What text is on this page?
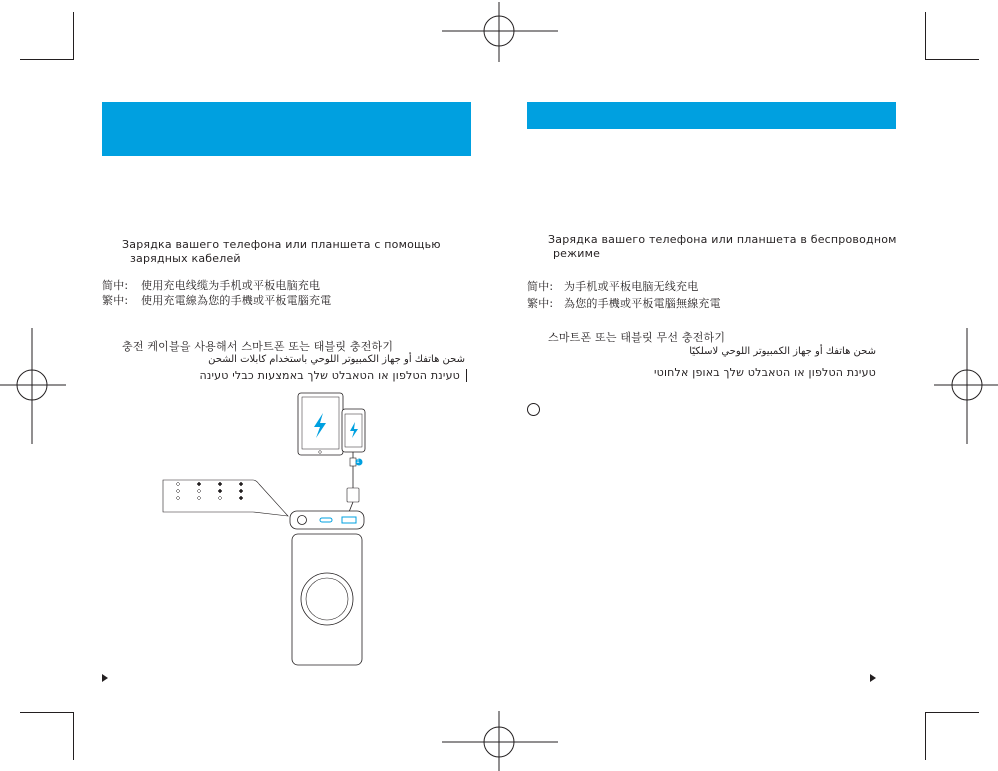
Зарядка вашего телефона или планшета с помощью
зарядных кабелей
简中: 使用充电线缆为手机或平板电脑充电
繁中: 使用充電線為您的手機或平板電腦充電
충전 케이블을 사용해서 스마트폰 또는 태블릿 충전하기
شحن هاتفك أو جهاز الكمبيوتر اللوحي باستخدام كابلات الشحن
טעינת הטלפון או הטאבלט שלך באמצעות כבלי טעינה
1
Зарядка вашего телефона или планшета в беспроводном
режиме
简中: 为手机或平板电脑无线充电
繁中: 為您的手機或平板電腦無線充電
스마트폰 또는 태블릿 무선 충전하기
شحن هاتفك أو جهاز الكمبيوتر اللوحي لاسلكيًا
טעינת הטלפון או הטאבלט שלך באופן אלחוטי
